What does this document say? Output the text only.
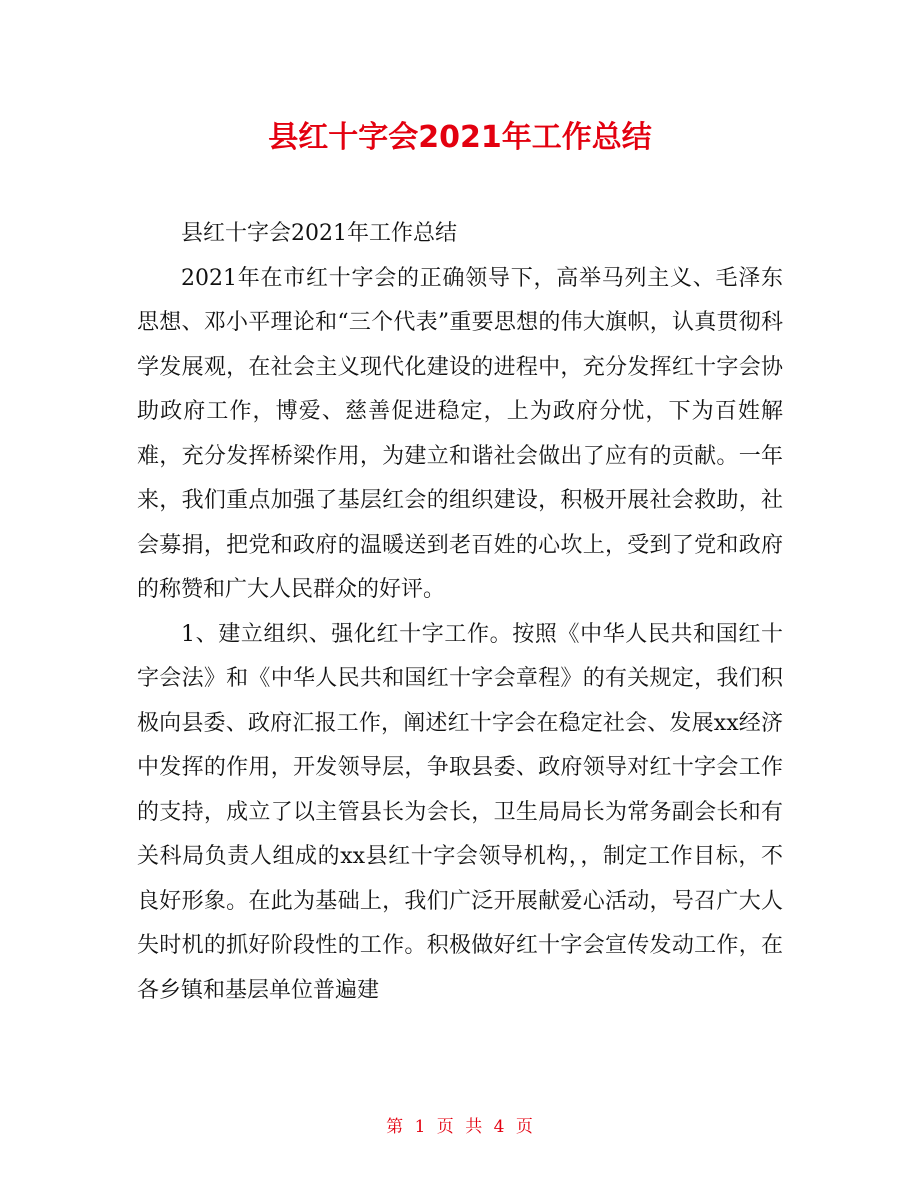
县红十字会2021年工作总结

县红十字会2021年工作总结

2021年在市红十字会的正确领导下，高举马列主义、毛泽东思想、邓小平理论和“三个代表”重要思想的伟大旗帜，认真贯彻科学发展观，在社会主义现代化建设的进程中，充分发挥红十字会协助政府工作，博爱、慈善促进稳定，上为政府分忧，下为百姓解难，充分发挥桥梁作用，为建立和谐社会做出了应有的贡献。一年来，我们重点加强了基层红会的组织建设，积极开展社会救助，社会募捐，把党和政府的温暖送到老百姓的心坎上，受到了党和政府的称赞和广大人民群众的好评。

1、建立组织、强化红十字工作。按照《中华人民共和国红十字会法》和《中华人民共和国红十字会章程》的有关规定，我们积极向县委、政府汇报工作，阐述红十字会在稳定社会、发展xx经济中发挥的作用，开发领导层，争取县委、政府领导对红十字会工作的支持，成立了以主管县长为会长，卫生局局长为常务副会长和有关科局负责人组成的xx县红十字会领导机构，，制定工作目标，不良好形象。在此为基础上，我们广泛开展献爱心活动，号召广大人失时机的抓好阶段性的工作。积极做好红十字会宣传发动工作，在各乡镇和基层单位普遍建

第 1 页 共 4 页
